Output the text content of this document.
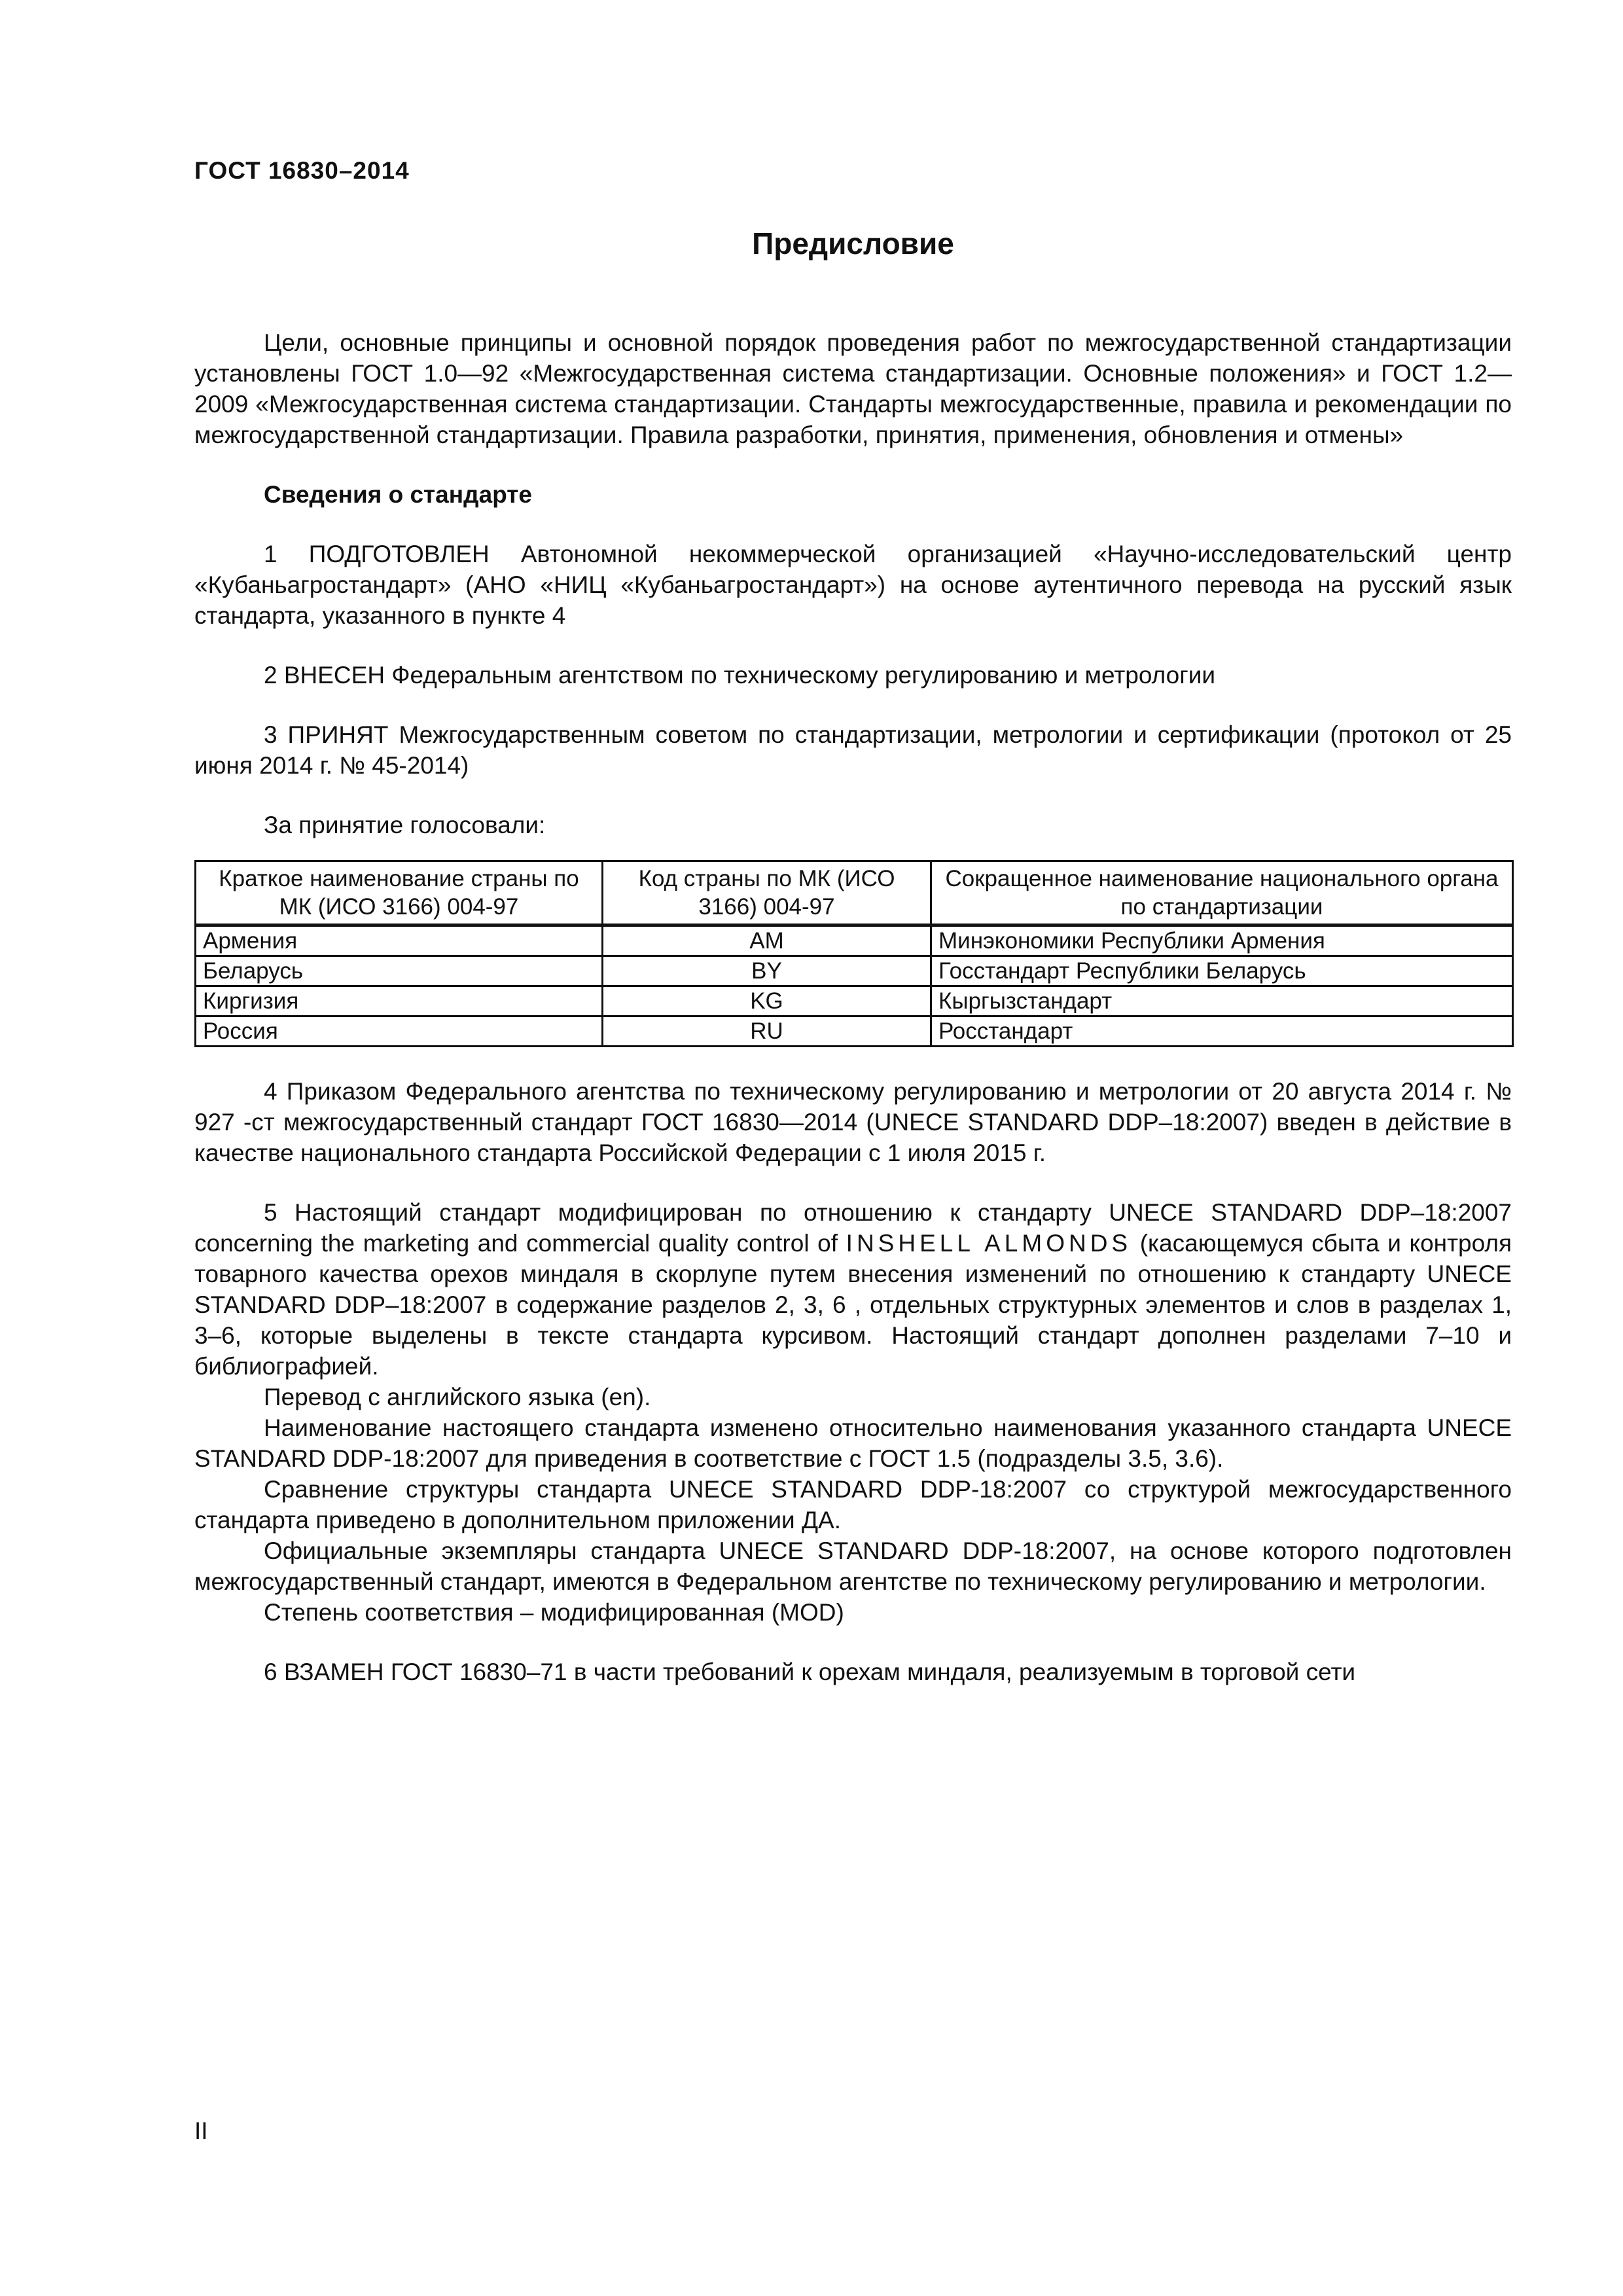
ГОСТ 16830–2014
Предисловие

Цели, основные принципы и основной порядок проведения работ по межгосударственной стандартизации установлены ГОСТ 1.0—92 «Межгосударственная система стандартизации. Основные положения» и ГОСТ 1.2—2009 «Межгосударственная система стандартизации. Стандарты межгосударственные, правила и рекомендации по межгосударственной стандартизации. Правила разработки, принятия, применения, обновления и отмены»

Сведения о стандарте

1 ПОДГОТОВЛЕН Автономной некоммерческой организацией «Научно-исследовательский центр «Кубаньагростандарт» (АНО «НИЦ «Кубаньагростандарт») на основе аутентичного перевода на русский язык стандарта, указанного в пункте 4

2 ВНЕСЕН Федеральным агентством по техническому регулированию и метрологии

3 ПРИНЯТ Межгосударственным советом по стандартизации, метрологии и сертификации (протокол от 25 июня 2014 г. № 45-2014)

За принятие голосовали:

Краткое наименование страны по МК (ИСО 3166) 004-97	Код страны по МК (ИСО 3166) 004-97	Сокращенное наименование национального органа по стандартизации
Армения	AM	Минэкономики Республики Армения
Беларусь	BY	Госстандарт Республики Беларусь
Киргизия	KG	Кыргызстандарт
Россия	RU	Росстандарт

4 Приказом Федерального агентства по техническому регулированию и метрологии от 20 августа 2014 г. № 927 -ст межгосударственный стандарт ГОСТ 16830—2014 (UNECE STANDARD DDP–18:2007) введен в действие в качестве национального стандарта Российской Федерации с 1 июля 2015 г.

5 Настоящий стандарт модифицирован по отношению к стандарту UNECE STANDARD DDP–18:2007 concerning the marketing and commercial quality control of INSHELL ALMONDS (касающемуся сбыта и контроля товарного качества орехов миндаля в скорлупе путем внесения изменений по отношению к стандарту UNECE STANDARD DDP–18:2007 в содержание разделов 2, 3, 6 , отдельных структурных элементов и слов в разделах 1, 3–6, которые выделены в тексте стандарта курсивом. Настоящий стандарт дополнен разделами 7–10 и библиографией.

Перевод с английского языка (en).

Наименование настоящего стандарта изменено относительно наименования указанного стандарта UNECE STANDARD DDP-18:2007 для приведения в соответствие с ГОСТ 1.5 (подразделы 3.5, 3.6).

Сравнение структуры стандарта UNECE STANDARD DDP-18:2007 со структурой межгосударственного стандарта приведено в дополнительном приложении ДА.

Официальные экземпляры стандарта UNECE STANDARD DDP-18:2007, на основе которого подготовлен межгосударственный стандарт, имеются в Федеральном агентстве по техническому регулированию и метрологии.

Степень соответствия – модифицированная (MOD)

6 ВЗАМЕН ГОСТ 16830–71 в части требований к орехам миндаля, реализуемым в торговой сети

II
